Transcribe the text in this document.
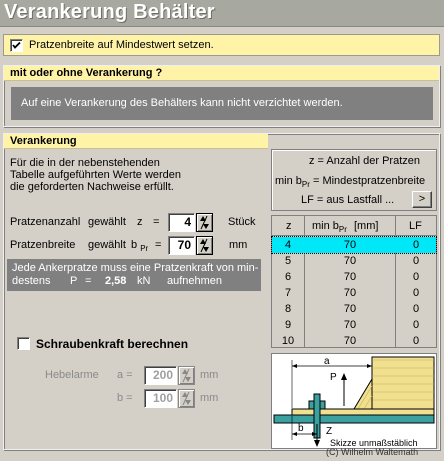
Verankerung Behälter
Pratzenbreite auf Mindestwert setzen.
mit oder ohne Verankerung ?
Auf eine Verankerung des Behälters kann nicht verzichtet werden.
Verankerung
Für die in der nebenstehenden Tabelle aufgeführten Werte werden die geforderten Nachweise erfüllt.
Pratzenanzahl gewählt z =	4	Stück
Pratzenbreite gewählt b $_{Pr}$ =	70	mm
Jede Ankerpratze muss eine Pratzenkraft von min-
destens P = 2,58 kN aufnehmen
z = Anzahl der Pratzen
$\min b_{Pr}$ = Mindestpratzenbreite
LF = aus Lastfall ...	>
z $\min b_{Pr}$ [mm]	LF
4	70	0
5	70	0
6	70	0
7	70	0
8	70	0
9	70	0
10	70	0
Schraubenkraft berechnen
Hebelarme a =	200	mm
b =	100	mm
a
P
b Z
Skizze unmaßstäblich
(C) Wilhelm Waltemath
